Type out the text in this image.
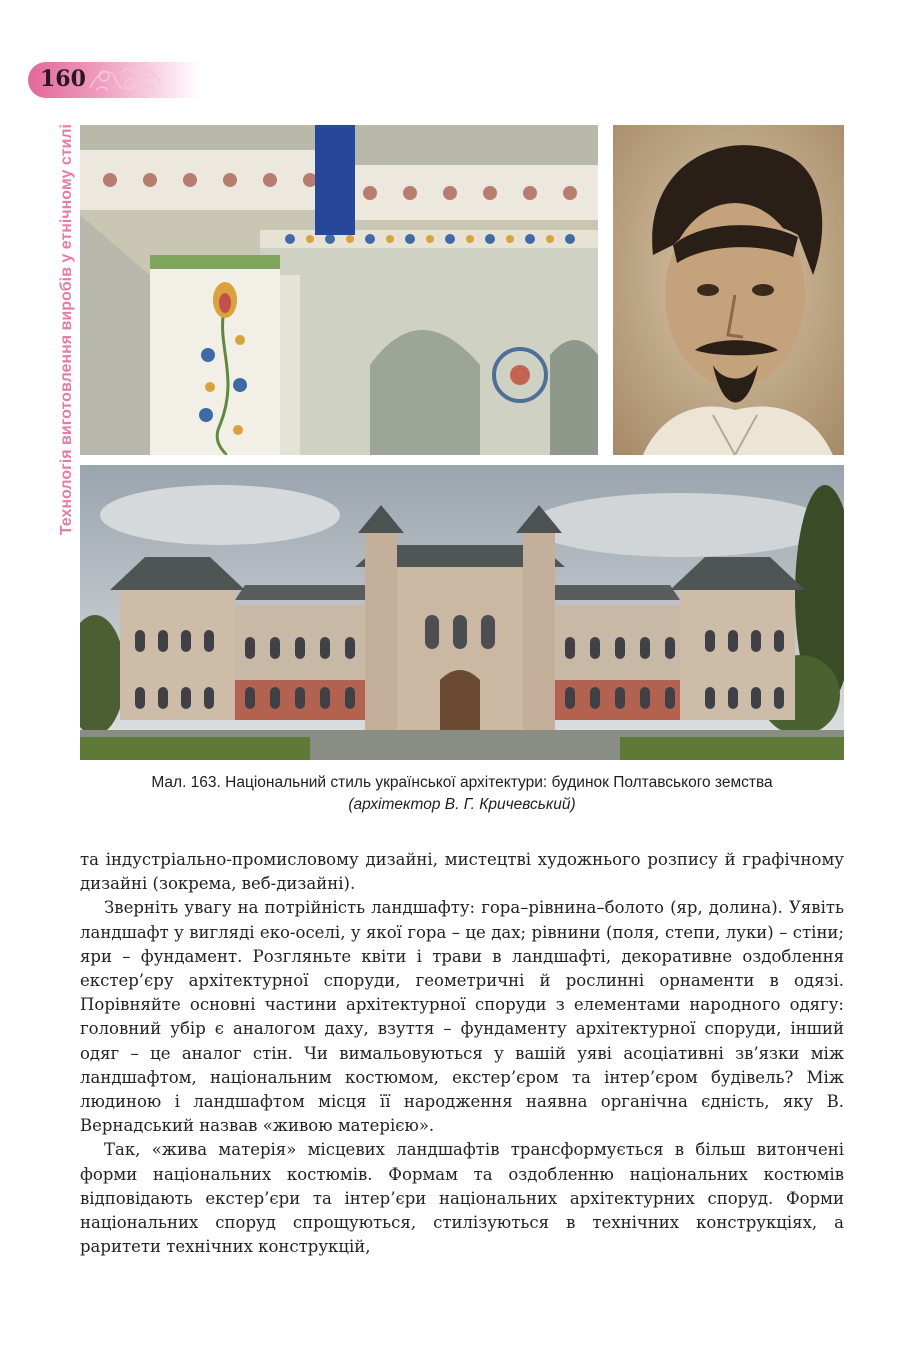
160
Технологія виготовлення виробів у етнічному стилі
Мал. 163. Національний стиль української архітектури: будинок Полтавського земства
(архітектор В. Г. Кричевський)

та індустріально-промисловому дизайні, мистецтві художнього розпису й графічному дизайні (зокрема, веб-дизайні).

Зверніть увагу на потрійність ландшафту: гора–рівнина–болото (яр, долина). Уявіть ландшафт у вигляді еко-оселі, у якої гора – це дах; рівнини (поля, степи, луки) – стіни; яри – фундамент. Розгляньте квіти і трави в ландшафті, декоративне оздоблення екстер’єру архітектурної споруди, геометричні й рослинні орнаменти в одязі. Порівняйте основні частини архітектурної споруди з елементами народного одягу: головний убір є аналогом даху, взуття – фундаменту архітектурної споруди, інший одяг – це аналог стін. Чи вимальовуються у вашій уяві асоціативні зв’язки між ландшафтом, національним костюмом, екстер’єром та інтер’єром будівель? Між людиною і ландшафтом місця її народження наявна органічна єдність, яку В. Вернадський назвав «живою матерією».

Так, «жива матерія» місцевих ландшафтів трансформується в більш витончені форми національних костюмів. Формам та оздобленню національних костюмів відповідають екстер’єри та інтер’єри національних архітектурних споруд. Форми національних споруд спрощуються, стилізуються в технічних конструкціях, а раритети технічних конструкцій,
